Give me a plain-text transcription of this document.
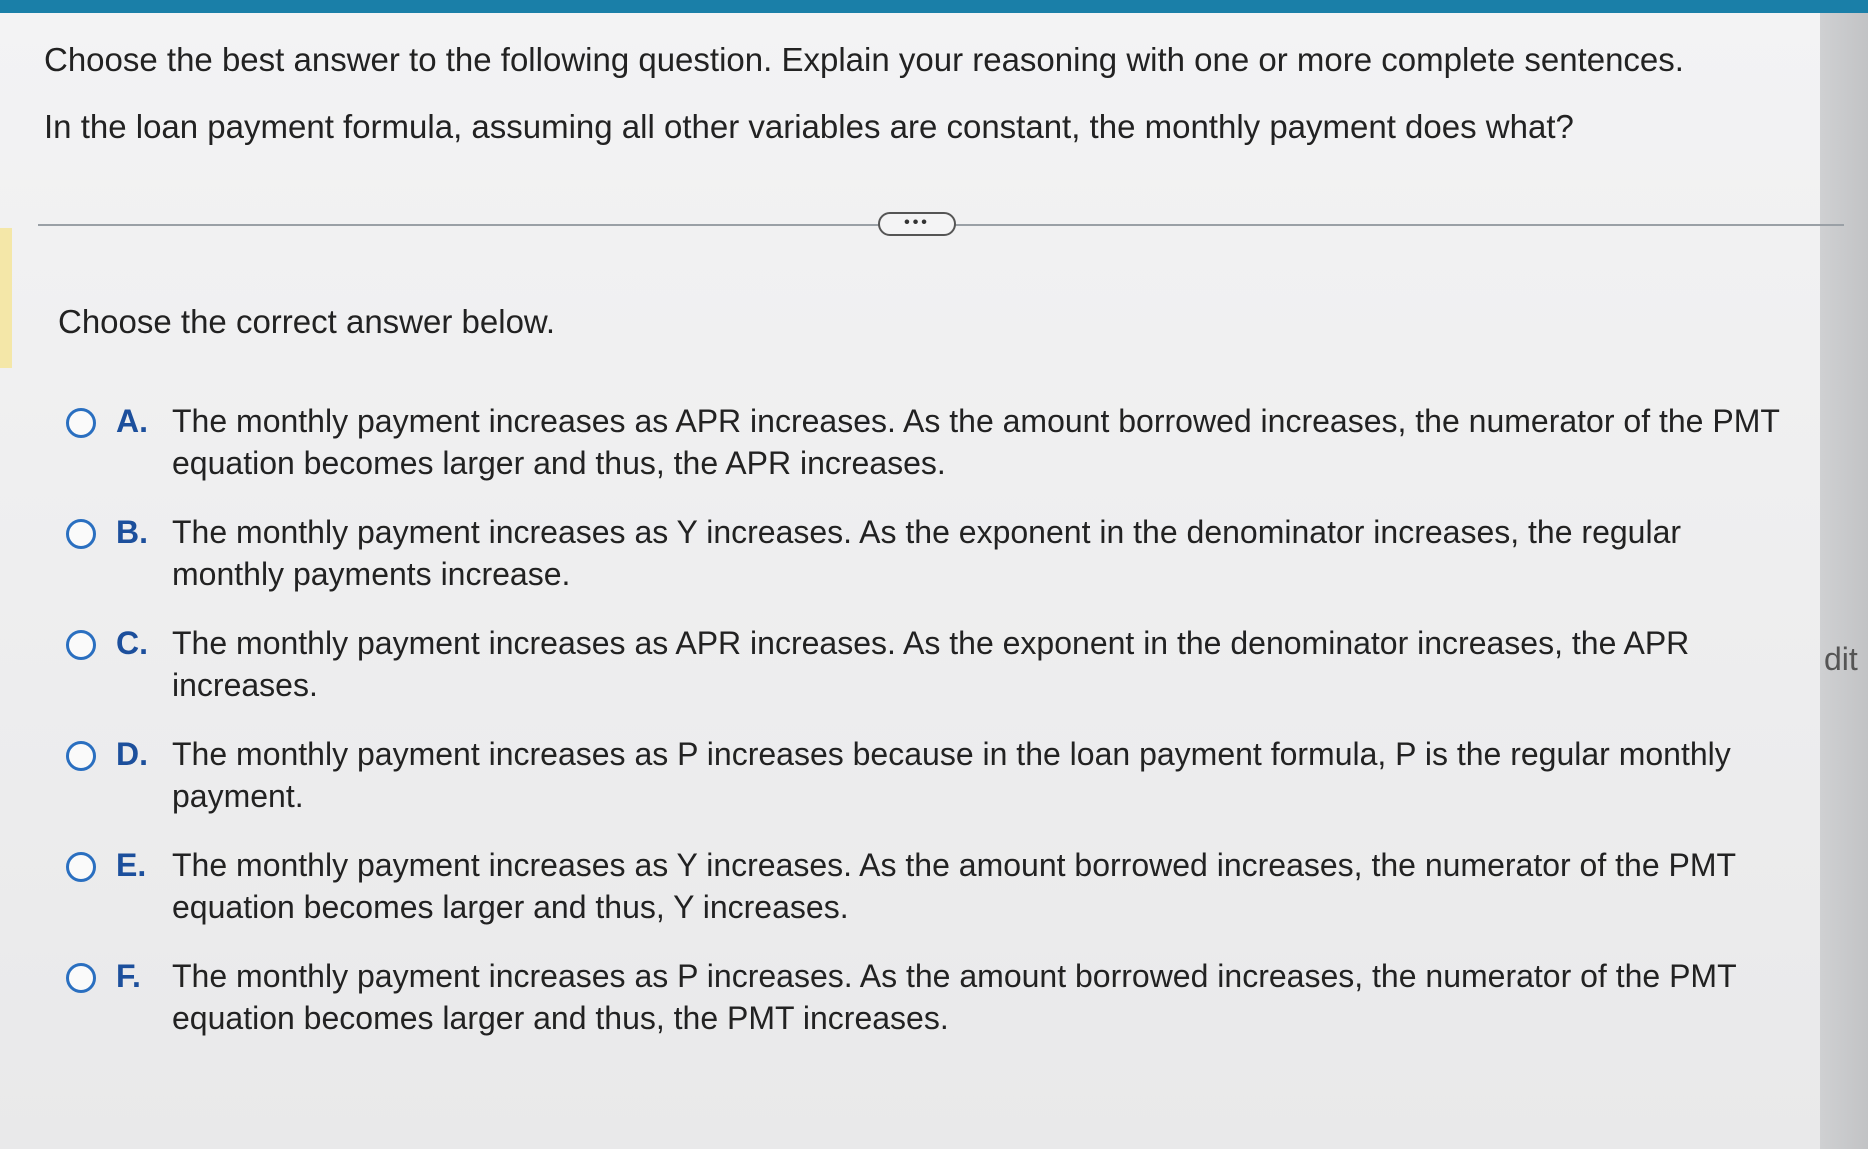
dit

Choose the best answer to the following question. Explain your reasoning with one or more complete sentences.

In the loan payment formula, assuming all other variables are constant, the monthly payment does what?

•••
Choose the correct answer below.
A. The monthly payment increases as APR increases. As the amount borrowed increases, the numerator of the PMT equation becomes larger and thus, the APR increases.
B. The monthly payment increases as Y increases. As the exponent in the denominator increases, the regular monthly payments increase.
C. The monthly payment increases as APR increases. As the exponent in the denominator increases, the APR increases.
D. The monthly payment increases as P increases because in the loan payment formula, P is the regular monthly payment.
E. The monthly payment increases as Y increases. As the amount borrowed increases, the numerator of the PMT equation becomes larger and thus, Y increases.
F. The monthly payment increases as P increases. As the amount borrowed increases, the numerator of the PMT equation becomes larger and thus, the PMT increases.
